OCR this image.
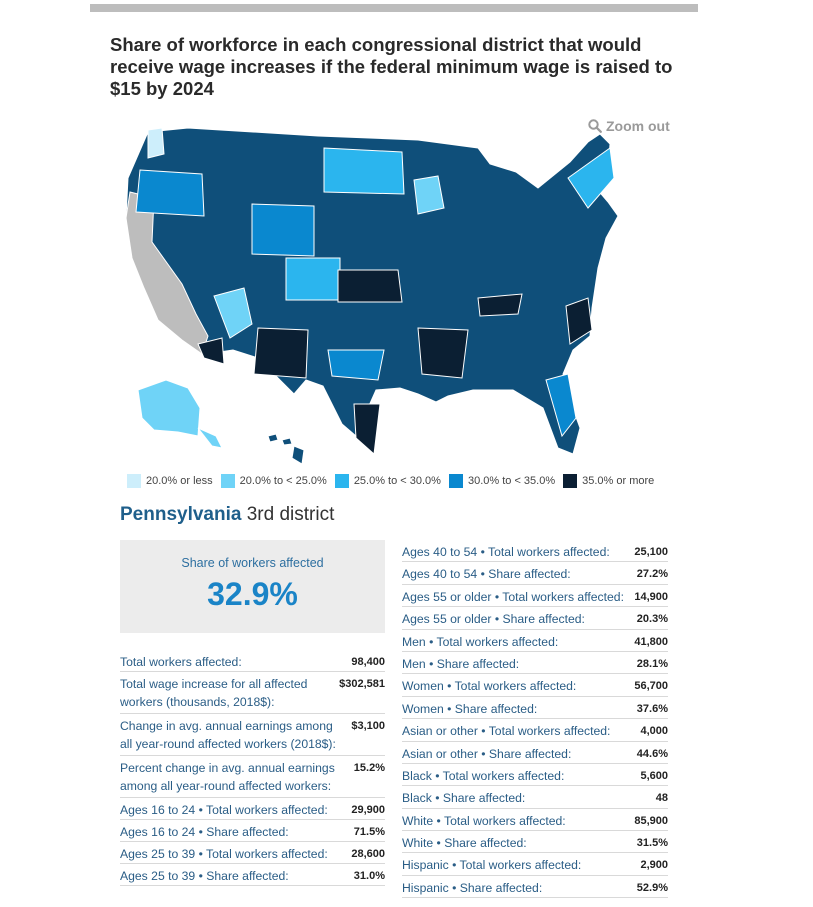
Share of workforce in each congressional district that would receive wage increases if the federal minimum wage is raised to $15 by 2024
Zoom out
20.0% or less 20.0% to < 25.0% 25.0% to < 30.0% 30.0% to < 35.0% 35.0% or more
Pennsylvania 3rd district
Share of workers affected
32.9%
Total workers affected:	98,400
Total wage increase for all affected workers (thousands, 2018$):
$302,581
Change in avg. annual earnings among all year-round affected workers (2018$):
$3,100
Percent change in avg. annual earnings among all year-round affected workers:
15.2%
Ages 16 to 24 • Total workers affected:	29,900
Ages 16 to 24 • Share affected:	71.5%
Ages 25 to 39 • Total workers affected:	28,600
Ages 25 to 39 • Share affected:	31.0%
Ages 40 to 54 • Total workers affected:	25,100
Ages 40 to 54 • Share affected:	27.2%
Ages 55 or older • Total workers affected: 14,900
Ages 55 or older • Share affected:	20.3%
Men • Total workers affected:	41,800
Men • Share affected:	28.1%
Women • Total workers affected:	56,700
Women • Share affected:	37.6%
Asian or other • Total workers affected:	4,000
Asian or other • Share affected:	44.6%
Black • Total workers affected:	5,600
Black • Share affected:	48
White • Total workers affected:	85,900
White • Share affected:	31.5%
Hispanic • Total workers affected:	2,900
Hispanic • Share affected:	52.9%
